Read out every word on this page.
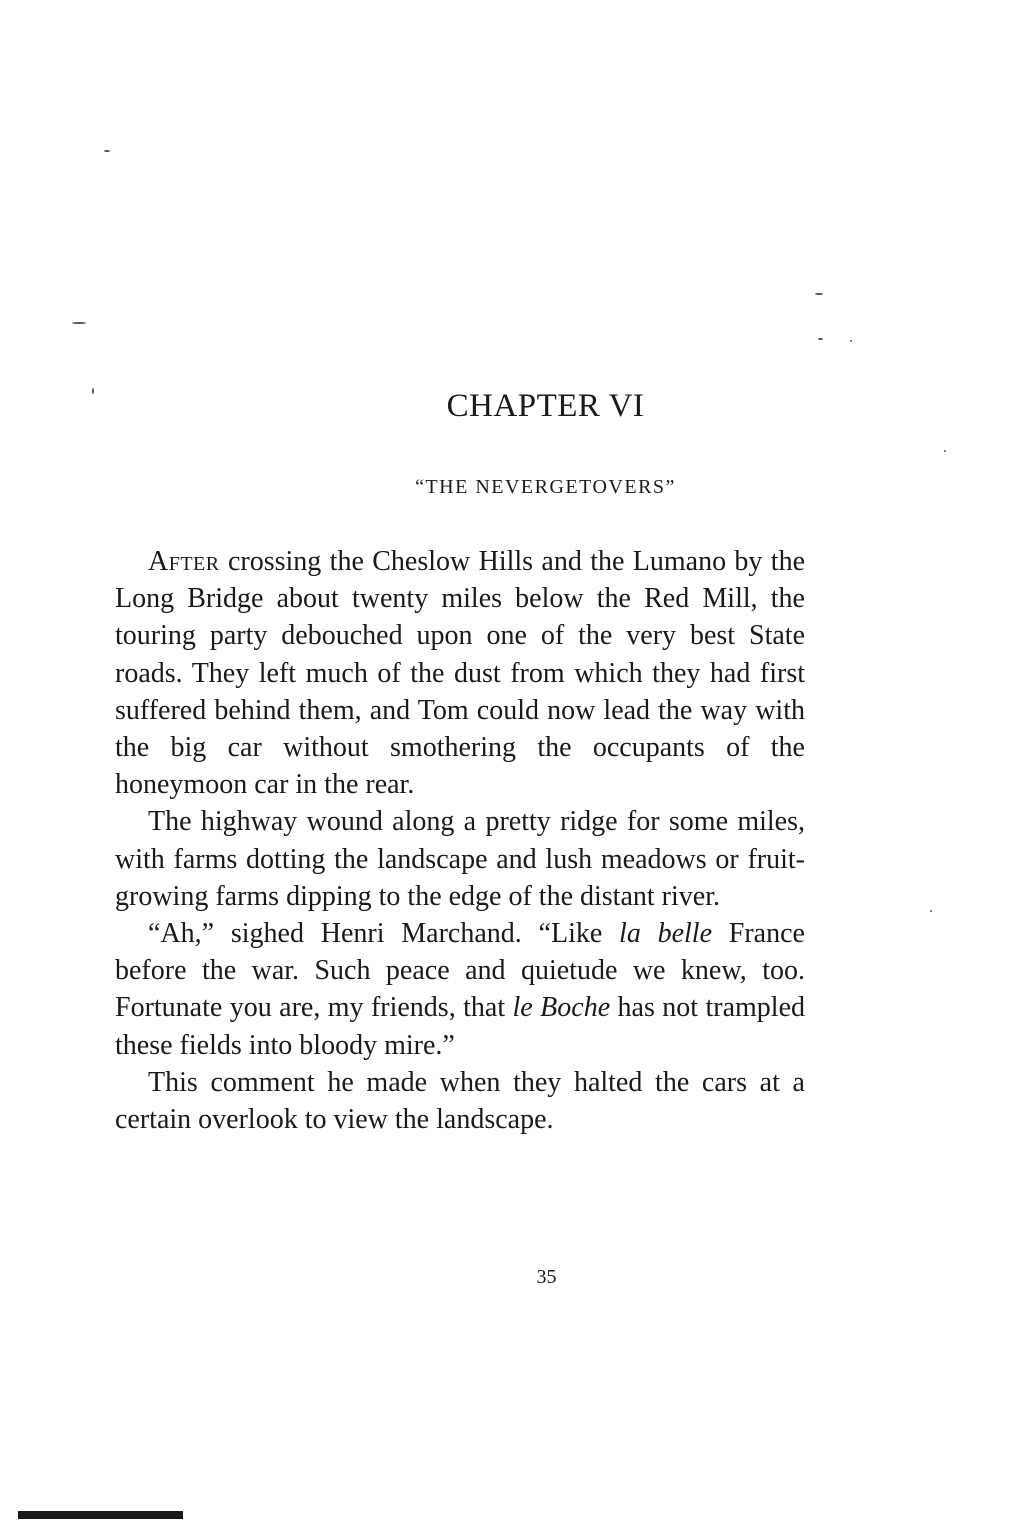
CHAPTER VI
“THE NEVERGETOVERS”

After crossing the Cheslow Hills and the Lumano by the Long Bridge about twenty miles below the Red Mill, the touring party debouched upon one of the very best State roads. They left much of the dust from which they had first suffered behind them, and Tom could now lead the way with the big car without smothering the occupants of the honeymoon car in the rear.

The highway wound along a pretty ridge for some miles, with farms dotting the landscape and lush meadows or fruit-growing farms dipping to the edge of the distant river.

“Ah,” sighed Henri Marchand. “Like la belle France before the war. Such peace and quietude we knew, too. Fortunate you are, my friends, that le Boche has not trampled these fields into bloody mire.”

This comment he made when they halted the cars at a certain overlook to view the landscape.

35
